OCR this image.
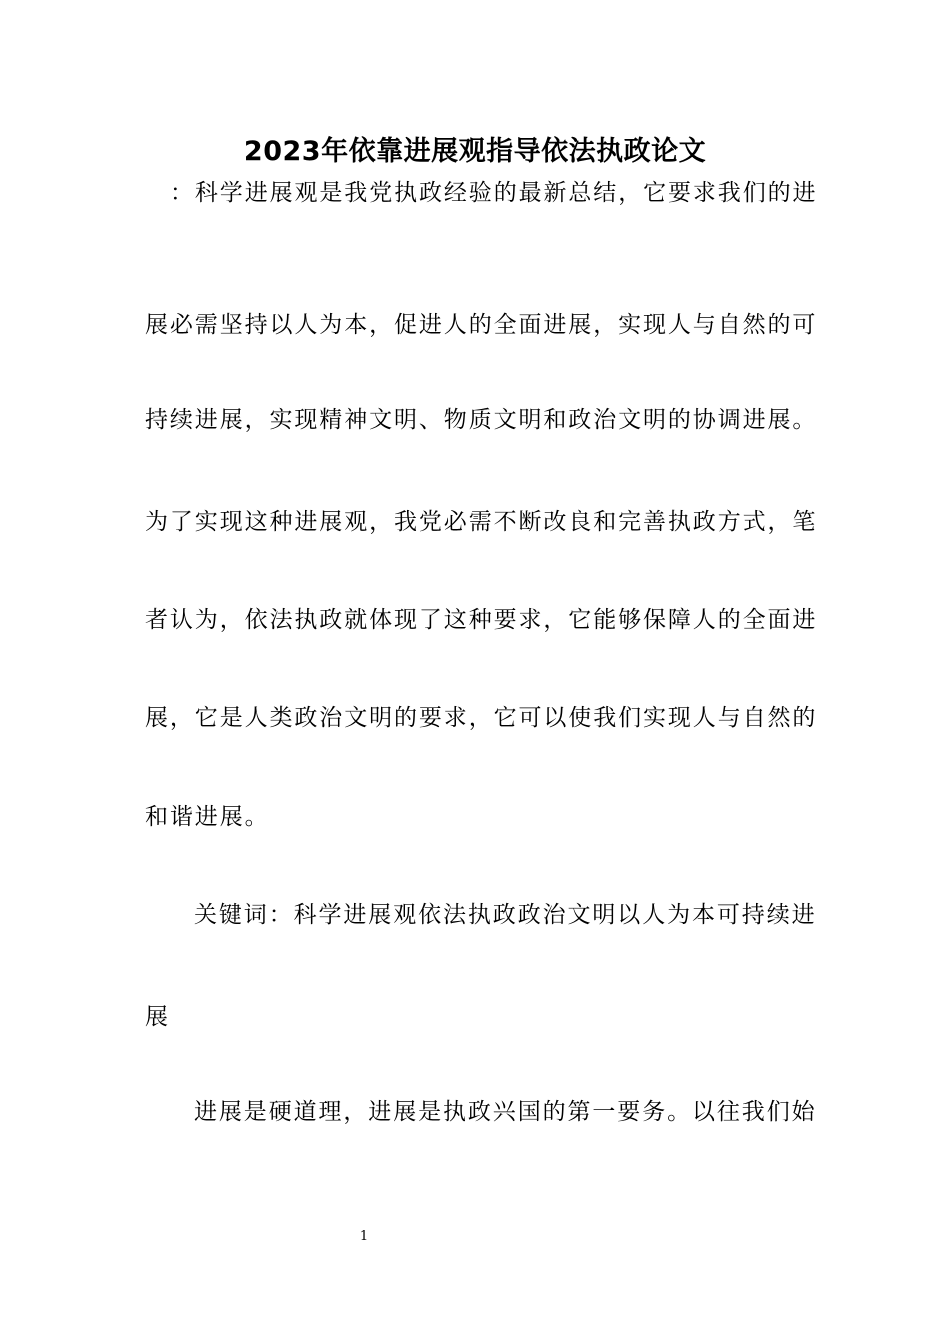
2023年依靠进展观指导依法执政论文
：科学进展观是我党执政经验的最新总结，它要求我们的进
展必需坚持以人为本，促进人的全面进展，实现人与自然的可
持续进展，实现精神文明、物质文明和政治文明的协调进展。
为了实现这种进展观，我党必需不断改良和完善执政方式，笔
者认为，依法执政就体现了这种要求，它能够保障人的全面进
展，它是人类政治文明的要求，它可以使我们实现人与自然的
和谐进展。
关键词：科学进展观依法执政政治文明以人为本可持续进
展
进展是硬道理，进展是执政兴国的第一要务。以往我们始
1
